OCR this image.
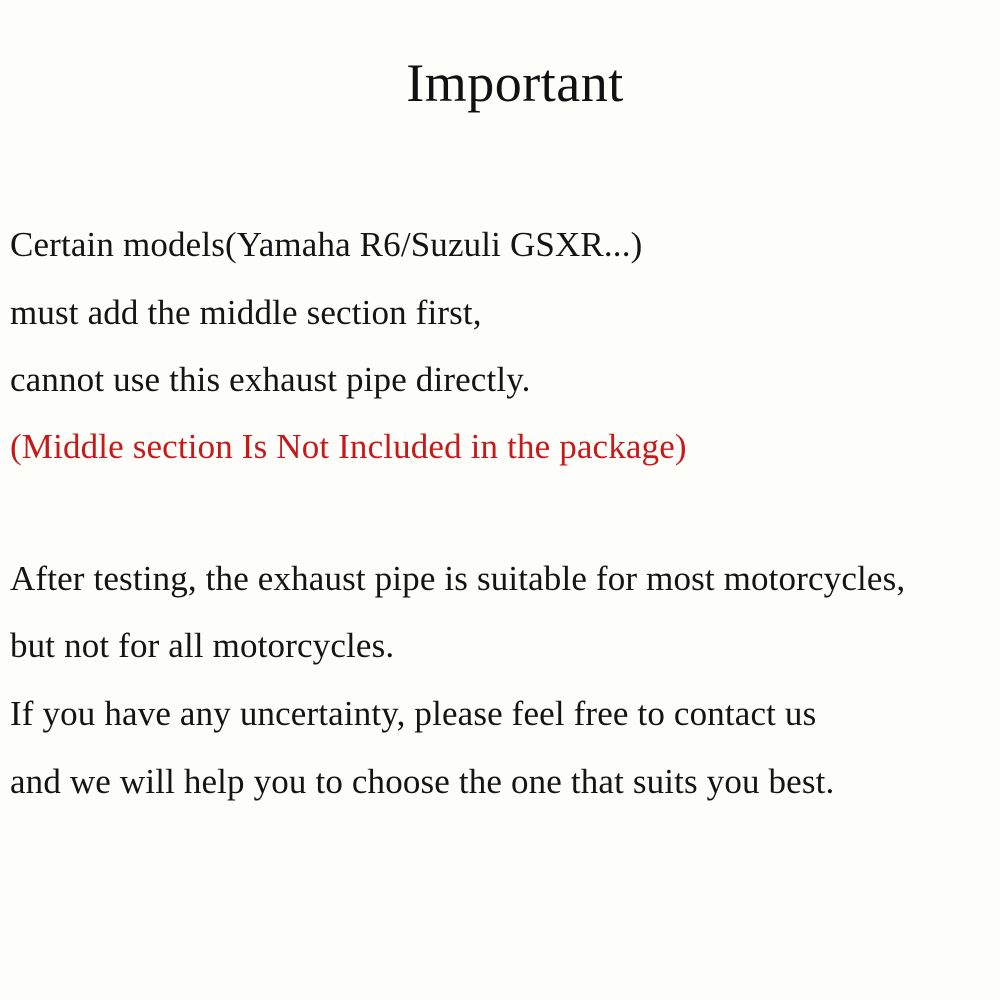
Important
Certain models(Yamaha R6/Suzuli GSXR...)
must add the middle section first,
cannot use this exhaust pipe directly.
(Middle section Is Not Included in the package)
After testing, the exhaust pipe is suitable for most motorcycles,
but not for all motorcycles.
If you have any uncertainty, please feel free to contact us
and we will help you to choose the one that suits you best.
